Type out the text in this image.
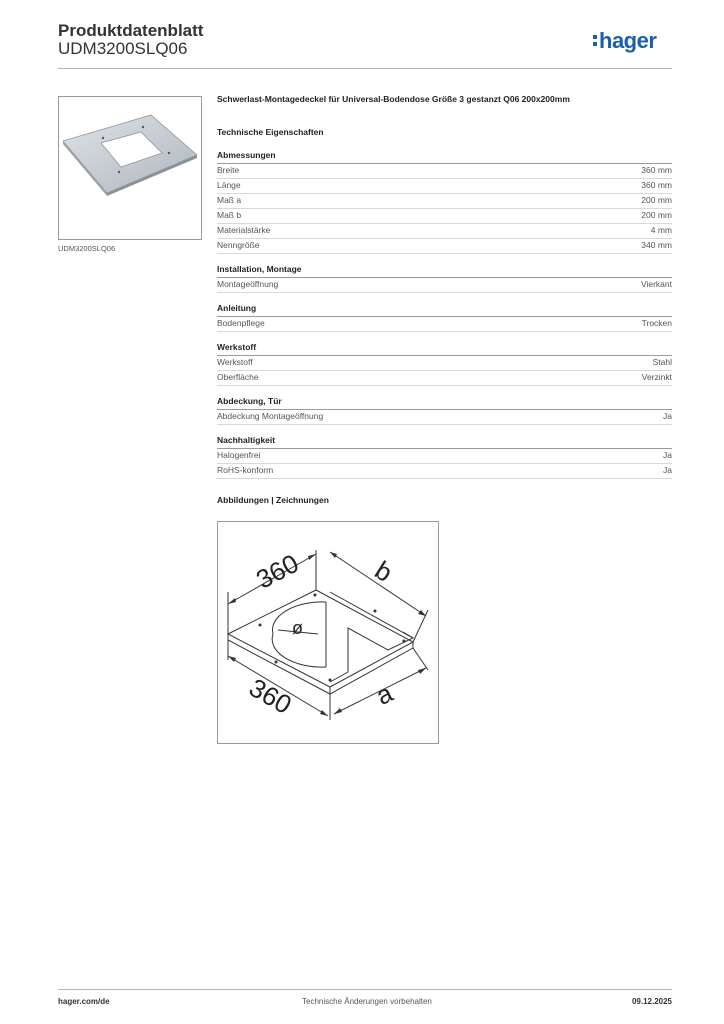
Produktdatenblatt
UDM3200SLQ06	hager
UDM3200SLQ06
Schwerlast-Montagedeckel für Universal-Bodendose Größe 3 gestanzt Q06 200x200mm
Technische Eigenschaften
Abmessungen
Breite	360 mm
Länge	360 mm
Maß a	200 mm
Maß b	200 mm
Materialstärke	4 mm
Nenngröße	340 mm
Installation, Montage
Montageöffnung	Vierkant
Anleitung
Bodenpflege	Trocken
Werkstoff
Werkstoff	Stahl
Oberfläche	Verzinkt
Abdeckung, Tür
Abdeckung Montageöffnung	Ja
Nachhaltigkeit
Halogenfrei	Ja
RoHS-konform	Ja
Abbildungen | Zeichnungen
360	b
360	a
ø
hager.com/de	Technische Änderungen vorbehalten	09.12.2025
